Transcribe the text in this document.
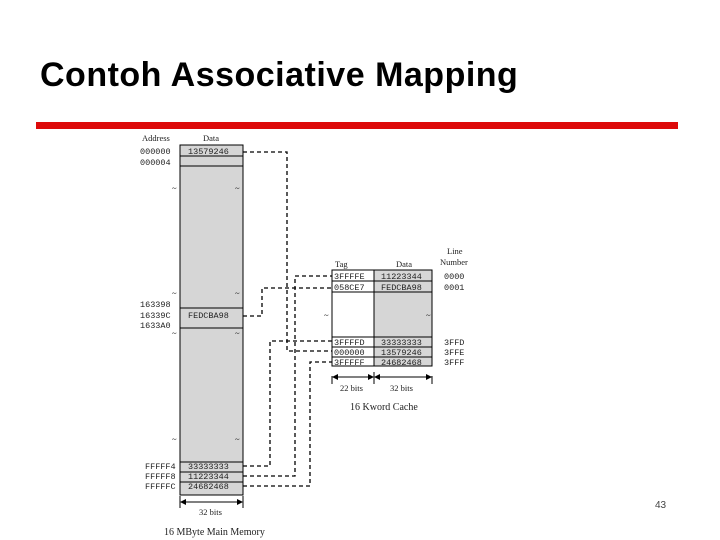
Contoh Associative Mapping
~	~
~	~
~	~
~	~
Address	Data
000000 13579246
000004
163398
16339C FEDCBA98
1633A0
FFFFF4 33333333
FFFFF8 11223344
FFFFFC 24682468
32 bits
16 MByte Main Memory
~	~
Tag	Data
Line
Number
3FFFFE 11223344	0000
058CE7 FEDCBA98	0001
3FFFFD 33333333	3FFD
000000 13579246	3FFE
3FFFFF 24682468	3FFF
22 bits	32 bits
16 Kword Cache
43
